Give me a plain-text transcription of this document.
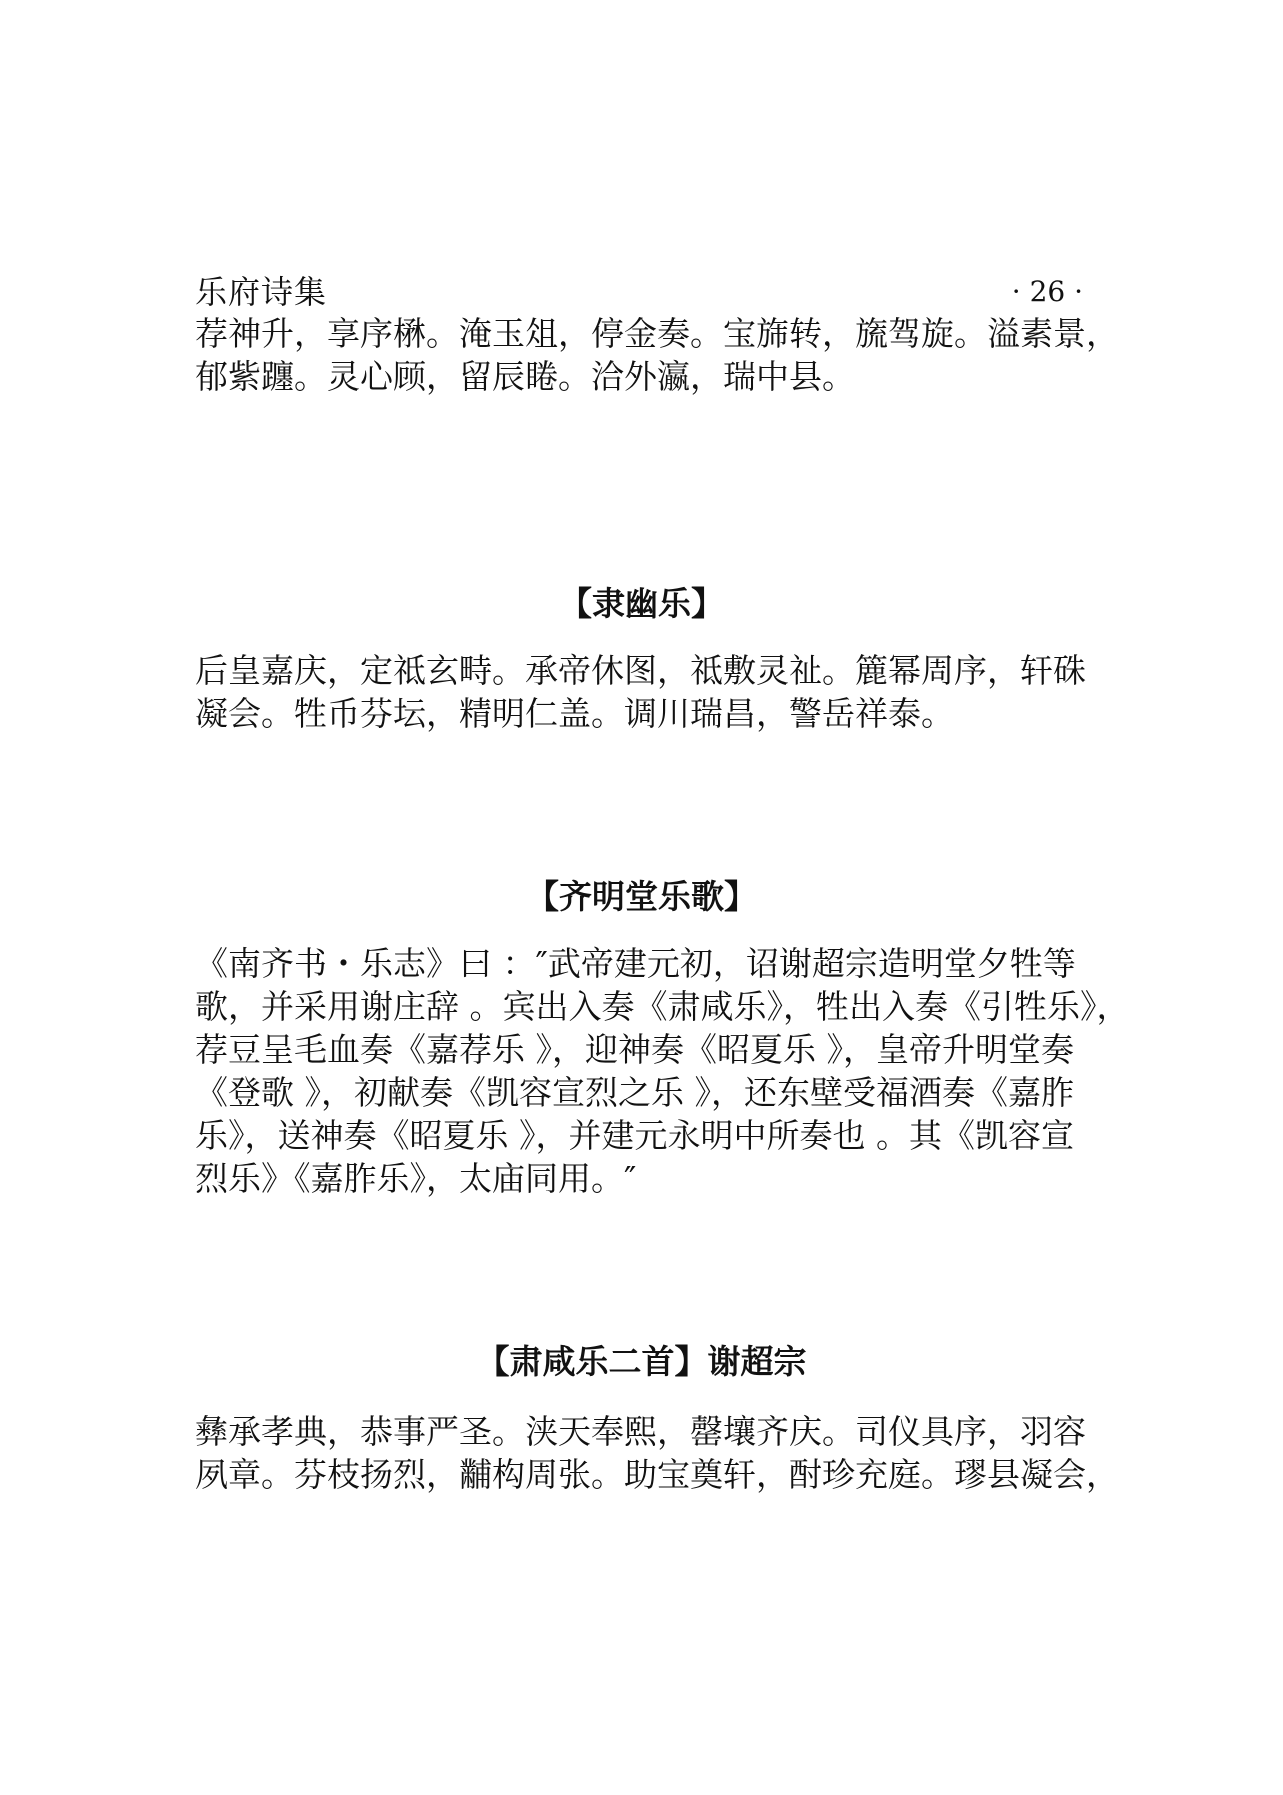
乐府诗集	· 26 ·
荐神升，享序楙。淹玉俎，停金奏。宝旆转，旒驾旋。溢素景，
郁紫躔。灵心顾，留辰睠。洽外瀛，瑞中县。
【隶幽乐】
后皇嘉庆，定祗玄畤。承帝休图，祗敷灵祉。簏幂周序，轩硃
凝会。牲币芬坛，精明仁盖。调川瑞昌，警岳祥泰。
【齐明堂乐歌】
《南齐书・乐志》曰 ：″武帝建元初，诏谢超宗造明堂夕牲等
歌，并采用谢庄辞 。宾出入奏《肃咸乐》，牲出入奏《引牲乐》，
荐豆呈毛血奏《嘉荐乐 》，迎神奏《昭夏乐 》，皇帝升明堂奏
《登歌 》，初献奏《凯容宣烈之乐 》，还东壁受福酒奏《嘉胙
乐》，送神奏《昭夏乐 》，并建元永明中所奏也 。其《凯容宣
烈乐》《嘉胙乐》，太庙同用。″
【肃咸乐二首】谢超宗
彝承孝典，恭事严圣。浃天奉熙，罄壤齐庆。司仪具序，羽容
夙章。芬枝扬烈，黼构周张。助宝奠轩，酎珍充庭。璆县凝会，
